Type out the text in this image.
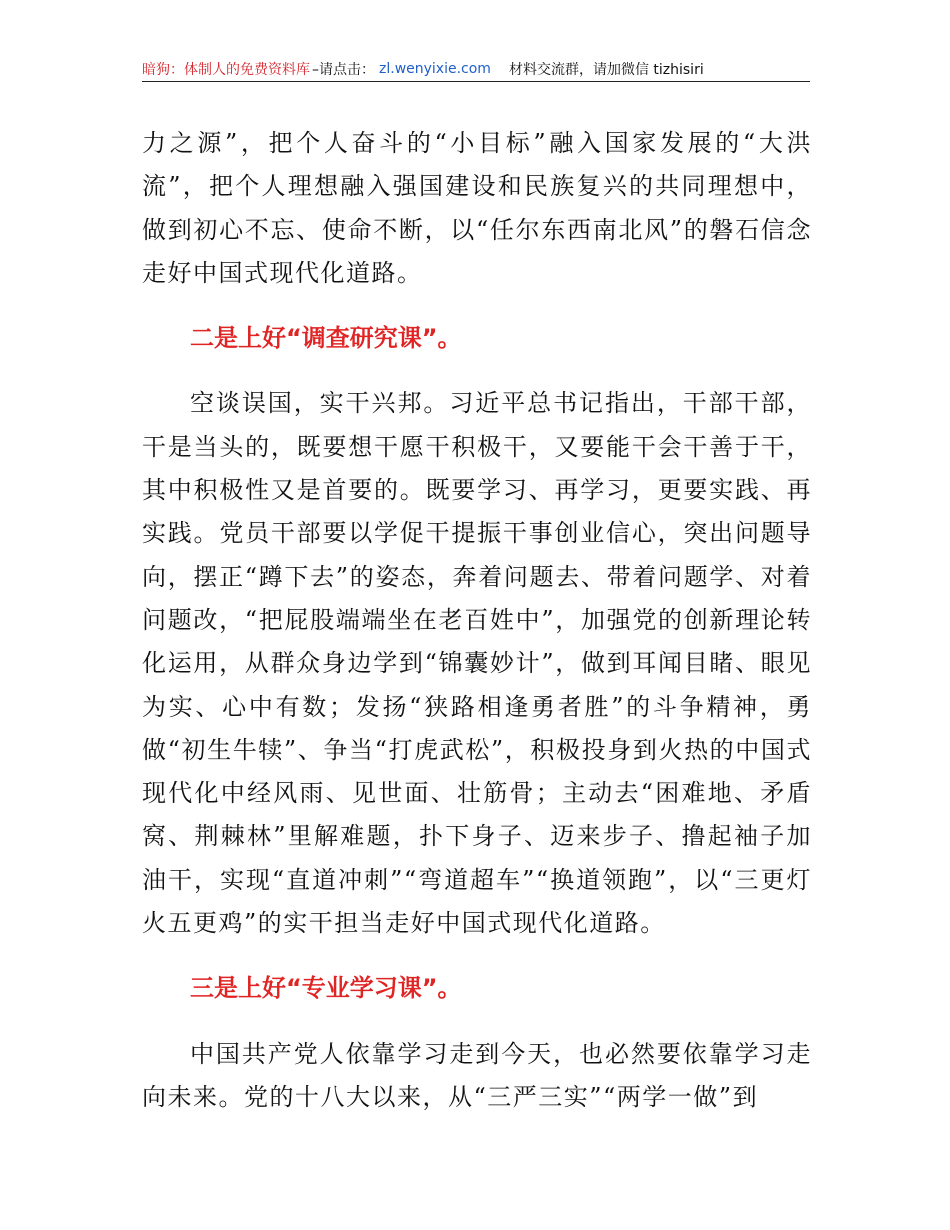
暗狗：体制人的免费资料库 –请点击： zl.wenyixie.com 材料交流群，请加微信 tizhisiri

力之源”，把个人奋斗的“小目标”融入国家发展的“大洪流”，把个人理想融入强国建设和民族复兴的共同理想中，做到初心不忘、使命不断，以“任尔东西南北风”的磐石信念走好中国式现代化道路。

二是上好“调查研究课”。

空谈误国，实干兴邦。习近平总书记指出，干部干部，干是当头的，既要想干愿干积极干，又要能干会干善于干，其中积极性又是首要的。既要学习、再学习，更要实践、再实践。党员干部要以学促干提振干事创业信心，突出问题导向，摆正“蹲下去”的姿态，奔着问题去、带着问题学、对着问题改，“把屁股端端坐在老百姓中”，加强党的创新理论转化运用，从群众身边学到“锦囊妙计”，做到耳闻目睹、眼见为实、心中有数；发扬“狭路相逢勇者胜”的斗争精神，勇做“初生牛犊”、争当“打虎武松”，积极投身到火热的中国式现代化中经风雨、见世面、壮筋骨；主动去“困难地、矛盾窝、荆棘林”里解难题，扑下身子、迈来步子、撸起袖子加油干，实现“直道冲刺”“弯道超车”“换道领跑”，以“三更灯火五更鸡”的实干担当走好中国式现代化道路。

三是上好“专业学习课”。

中国共产党人依靠学习走到今天，也必然要依靠学习走向未来。党的十八大以来，从“三严三实”“两学一做”到
